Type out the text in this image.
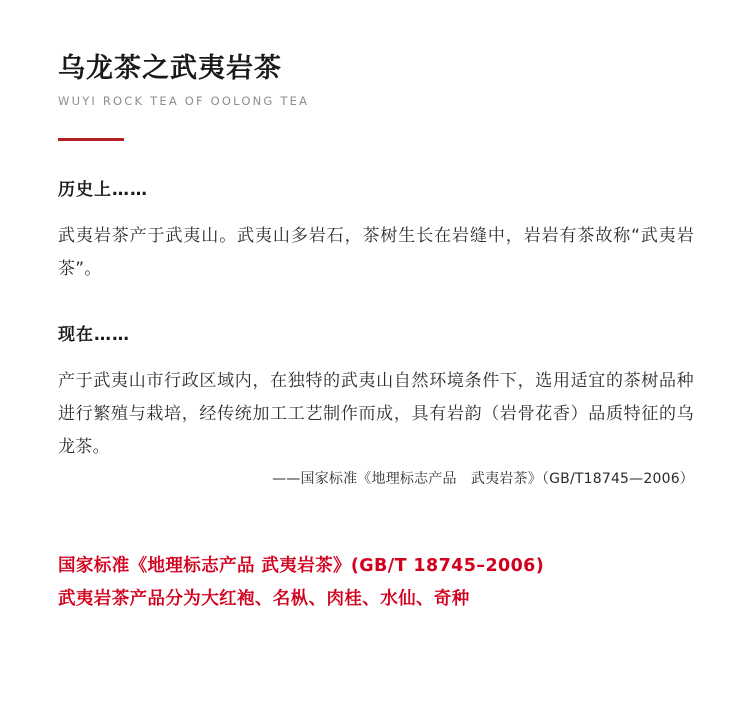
乌龙茶之武夷岩茶
WUYI ROCK TEA OF OOLONG TEA
历史上……

武夷岩茶产于武夷山。武夷山多岩石，茶树生长在岩缝中，岩岩有茶故称“武夷岩茶”。

现在……

产于武夷山市行政区域内，在独特的武夷山自然环境条件下，选用适宜的茶树品种进行繁殖与栽培，经传统加工工艺制作而成，具有岩韵（岩骨花香）品质特征的乌龙茶。

——国家标准《地理标志产品　武夷岩茶》（GB/T18745—2006）

国家标准《地理标志产品 武夷岩茶》(GB/T 18745–2006)
武夷岩茶产品分为大红袍、名枞、肉桂、水仙、奇种
